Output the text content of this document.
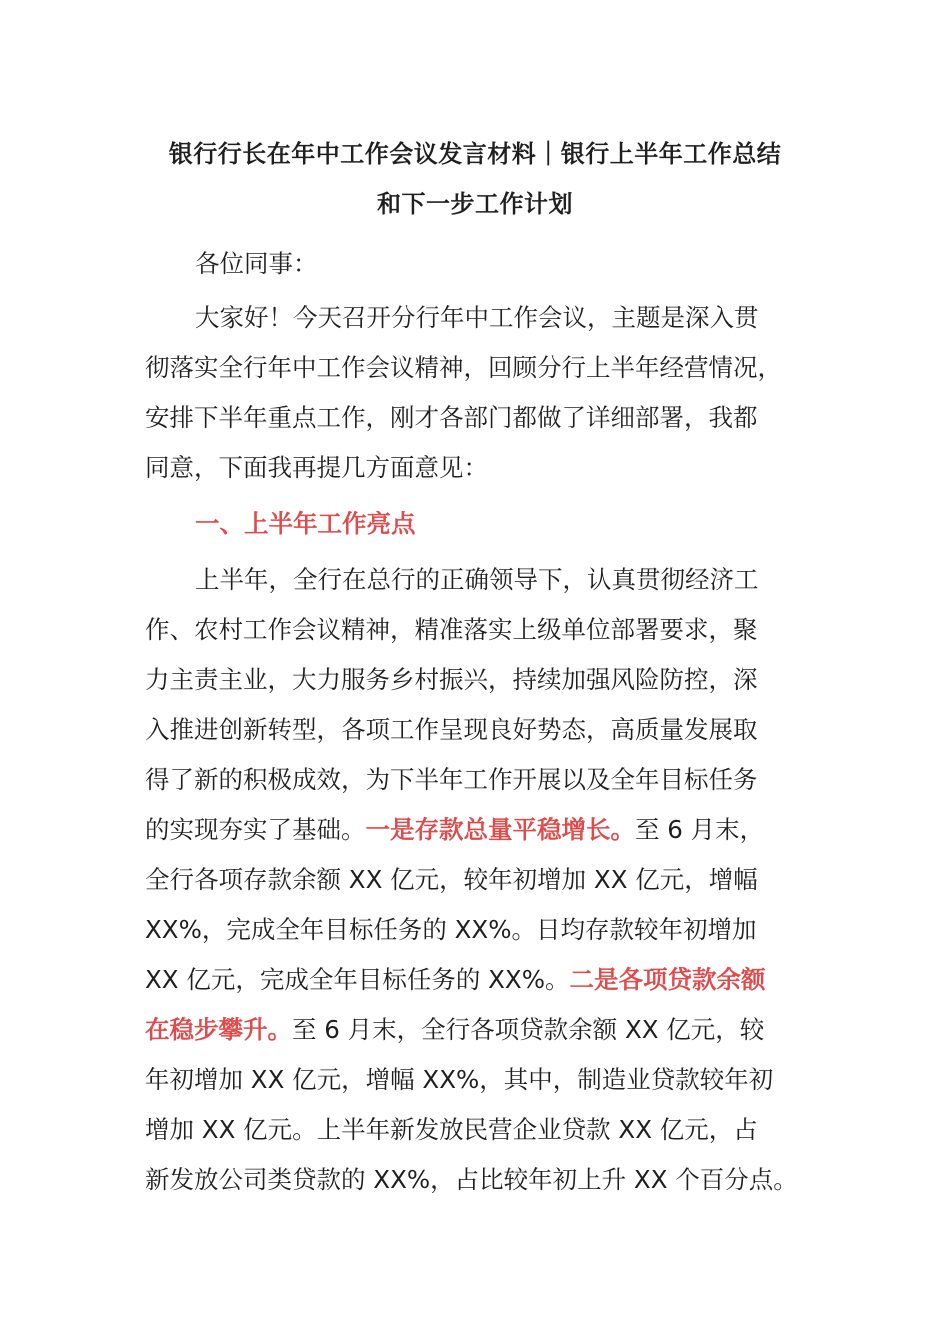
银行行长在年中工作会议发言材料｜银行上半年工作总结
和下一步工作计划
各位同事：
大家好！今天召开分行年中工作会议，主题是深入贯
彻落实全行年中工作会议精神，回顾分行上半年经营情况，
安排下半年重点工作，刚才各部门都做了详细部署，我都
同意，下面我再提几方面意见：
一、上半年工作亮点
上半年，全行在总行的正确领导下，认真贯彻经济工
作、农村工作会议精神，精准落实上级单位部署要求，聚
力主责主业，大力服务乡村振兴，持续加强风险防控，深
入推进创新转型，各项工作呈现良好势态，高质量发展取
得了新的积极成效，为下半年工作开展以及全年目标任务
的实现夯实了基础。一是存款总量平稳增长。至 6 月末，
全行各项存款余额 XX 亿元，较年初增加 XX 亿元，增幅
XX%，完成全年目标任务的 XX%。日均存款较年初增加
XX 亿元，完成全年目标任务的 XX%。二是各项贷款余额
在稳步攀升。至 6 月末，全行各项贷款余额 XX 亿元，较
年初增加 XX 亿元，增幅 XX%，其中，制造业贷款较年初
增加 XX 亿元。上半年新发放民营企业贷款 XX 亿元，占
新发放公司类贷款的 XX%，占比较年初上升 XX 个百分点。
